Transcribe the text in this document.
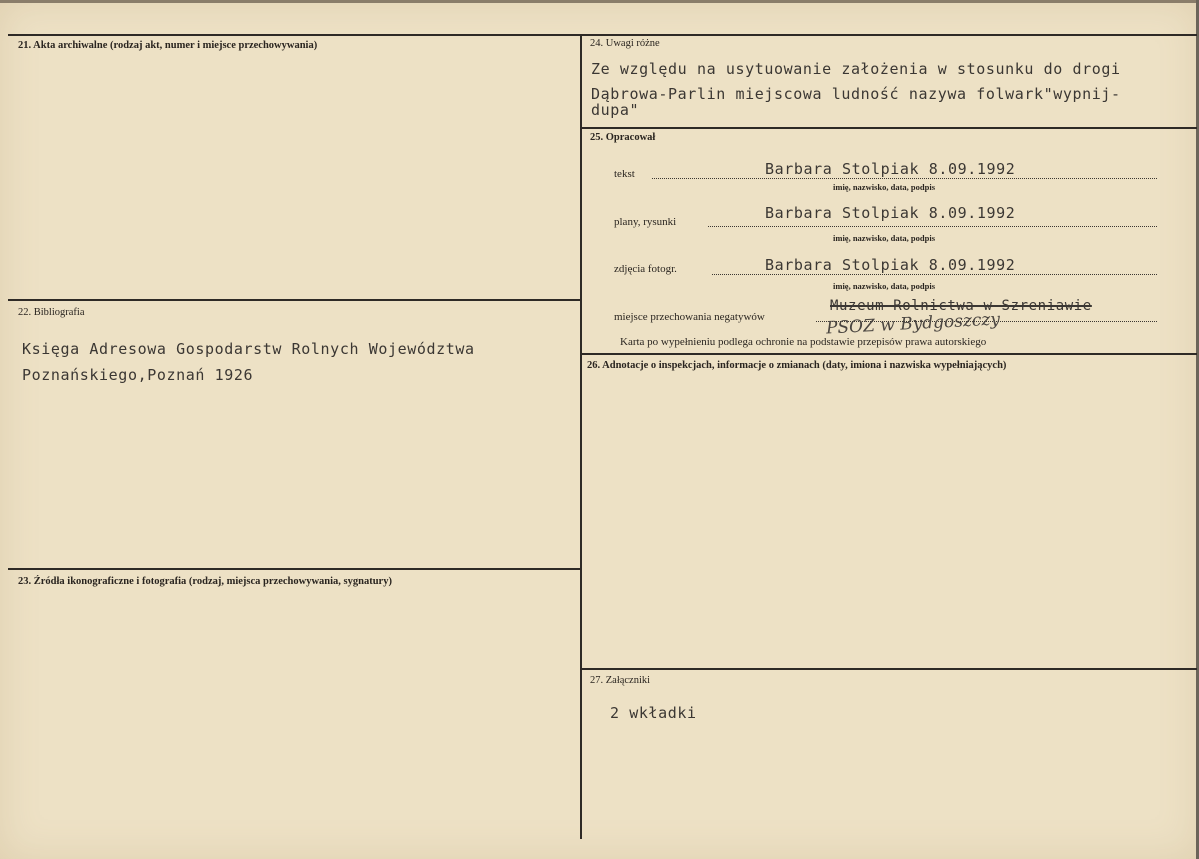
21. Akta archiwalne (rodzaj akt, numer i miejsce przechowywania)
22. Bibliografia
Księga Adresowa Gospodarstw Rolnych Województwa
Poznańskiego,Poznań 1926
23. Źródła ikonograficzne i fotografia (rodzaj, miejsca przechowywania, sygnatury)
24. Uwagi różne
Ze względu na usytuowanie założenia w stosunku do drogi
Dąbrowa-Parlin miejscowa ludność nazywa folwark"wypnij-
dupa"
25. Opracował
tekst	Barbara Stolpiak 8.09.1992
imię, nazwisko, data, podpis
plany, rysunki	Barbara Stolpiak 8.09.1992
imię, nazwisko, data, podpis
zdjęcia fotogr.	Barbara Stolpiak 8.09.1992
imię, nazwisko, data, podpis
miejsce przechowania negatywów
Muzeum Rolnictwa w Szreniawie
PSOZ w Bydgoszczy
Karta po wypełnieniu podlega ochronie na podstawie przepisów prawa autorskiego
26. Adnotacje o inspekcjach, informacje o zmianach (daty, imiona i nazwiska wypełniających)
27. Załączniki
2 wkładki
